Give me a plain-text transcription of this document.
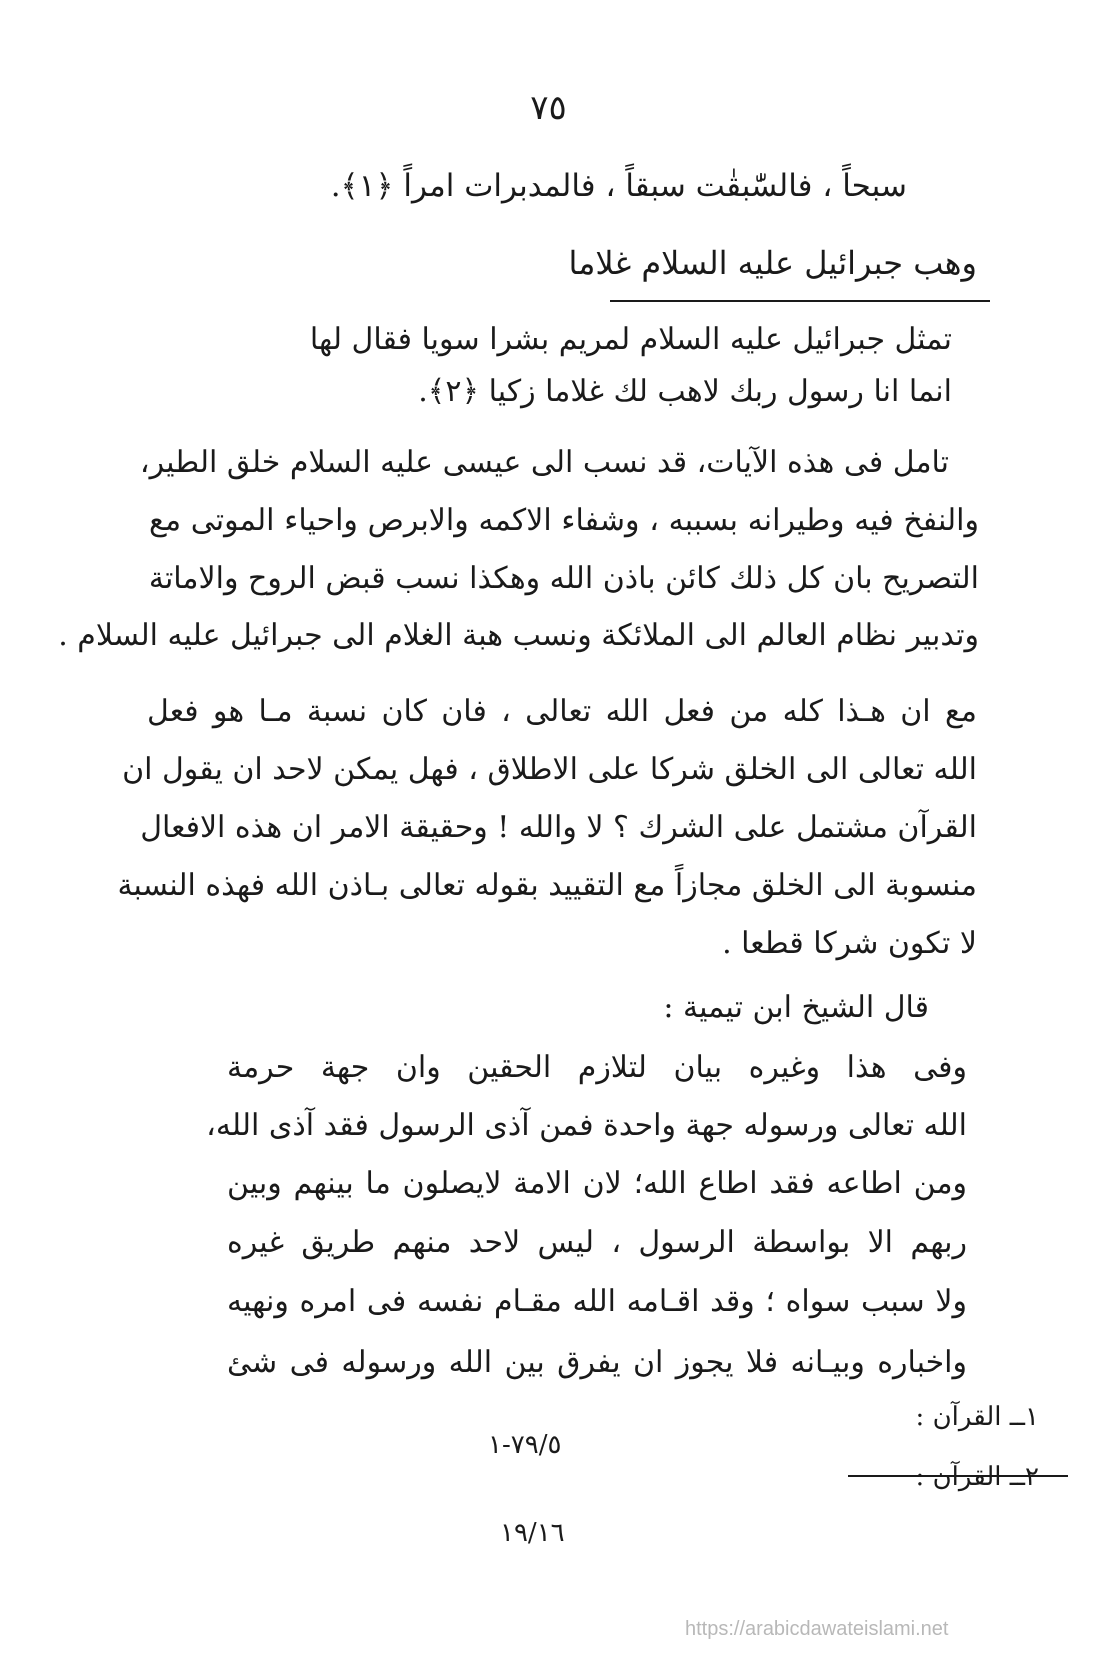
٧٥
سبحاً ، فالسّٰبقٰت سبقاً ، فالمدبرات امراً ﴿١﴾.
وهب جبرائيل عليه السلام غلاما
تمثل جبرائيل عليه السلام لمريم بشرا سويا فقال لها
انما انا رسول ربك لاهب لك غلاما زكيا ﴿٢﴾.
تامل فى هذه الآيات، قد نسب الى عيسى عليه السلام خلق الطير،
والنفخ فيه وطيرانه بسببه ، وشفاء الاكمه والابرص واحياء الموتى مع
التصريح بان كل ذلك كائن باذن الله وهكذا نسب قبض الروح والاماتة
وتدبير نظام العالم الى الملائكة ونسب هبة الغلام الى جبرائيل عليه السلام .
مع ان هـذا كله من فعل الله تعالى ، فان كان نسبة مـا هو فعل
الله تعالى الى الخلق شركا على الاطلاق ، فهل يمكن لاحد ان يقول ان
القرآن مشتمل على الشرك ؟ لا والله ! وحقيقة الامر ان هذه الافعال
منسوبة الى الخلق مجازاً مع التقييد بقوله تعالى بـاذن الله فهذه النسبة
لا تكون شركا قطعا .
قال الشيخ ابن تيمية :
وفى هذا وغيره بيان لتلازم الحقين وان جهة حرمة
الله تعالى ورسوله جهة واحدة فمن آذى الرسول فقد آذى الله،
ومن اطاعه فقد اطاع الله؛ لان الامة لايصلون ما بينهم وبين
ربهم الا بواسطة الرسول ، ليس لاحد منهم طريق غيره
ولا سبب سواه ؛ وقد اقـامه الله مقـام نفسه فى امره ونهيه
واخباره وبيـانه فلا يجوز ان يفرق بين الله ورسوله فى شئ
١ــ القرآن :
٧٩/٥-١
٢ــ القرآن :
١٩/١٦
https://arabicdawateislami.net
